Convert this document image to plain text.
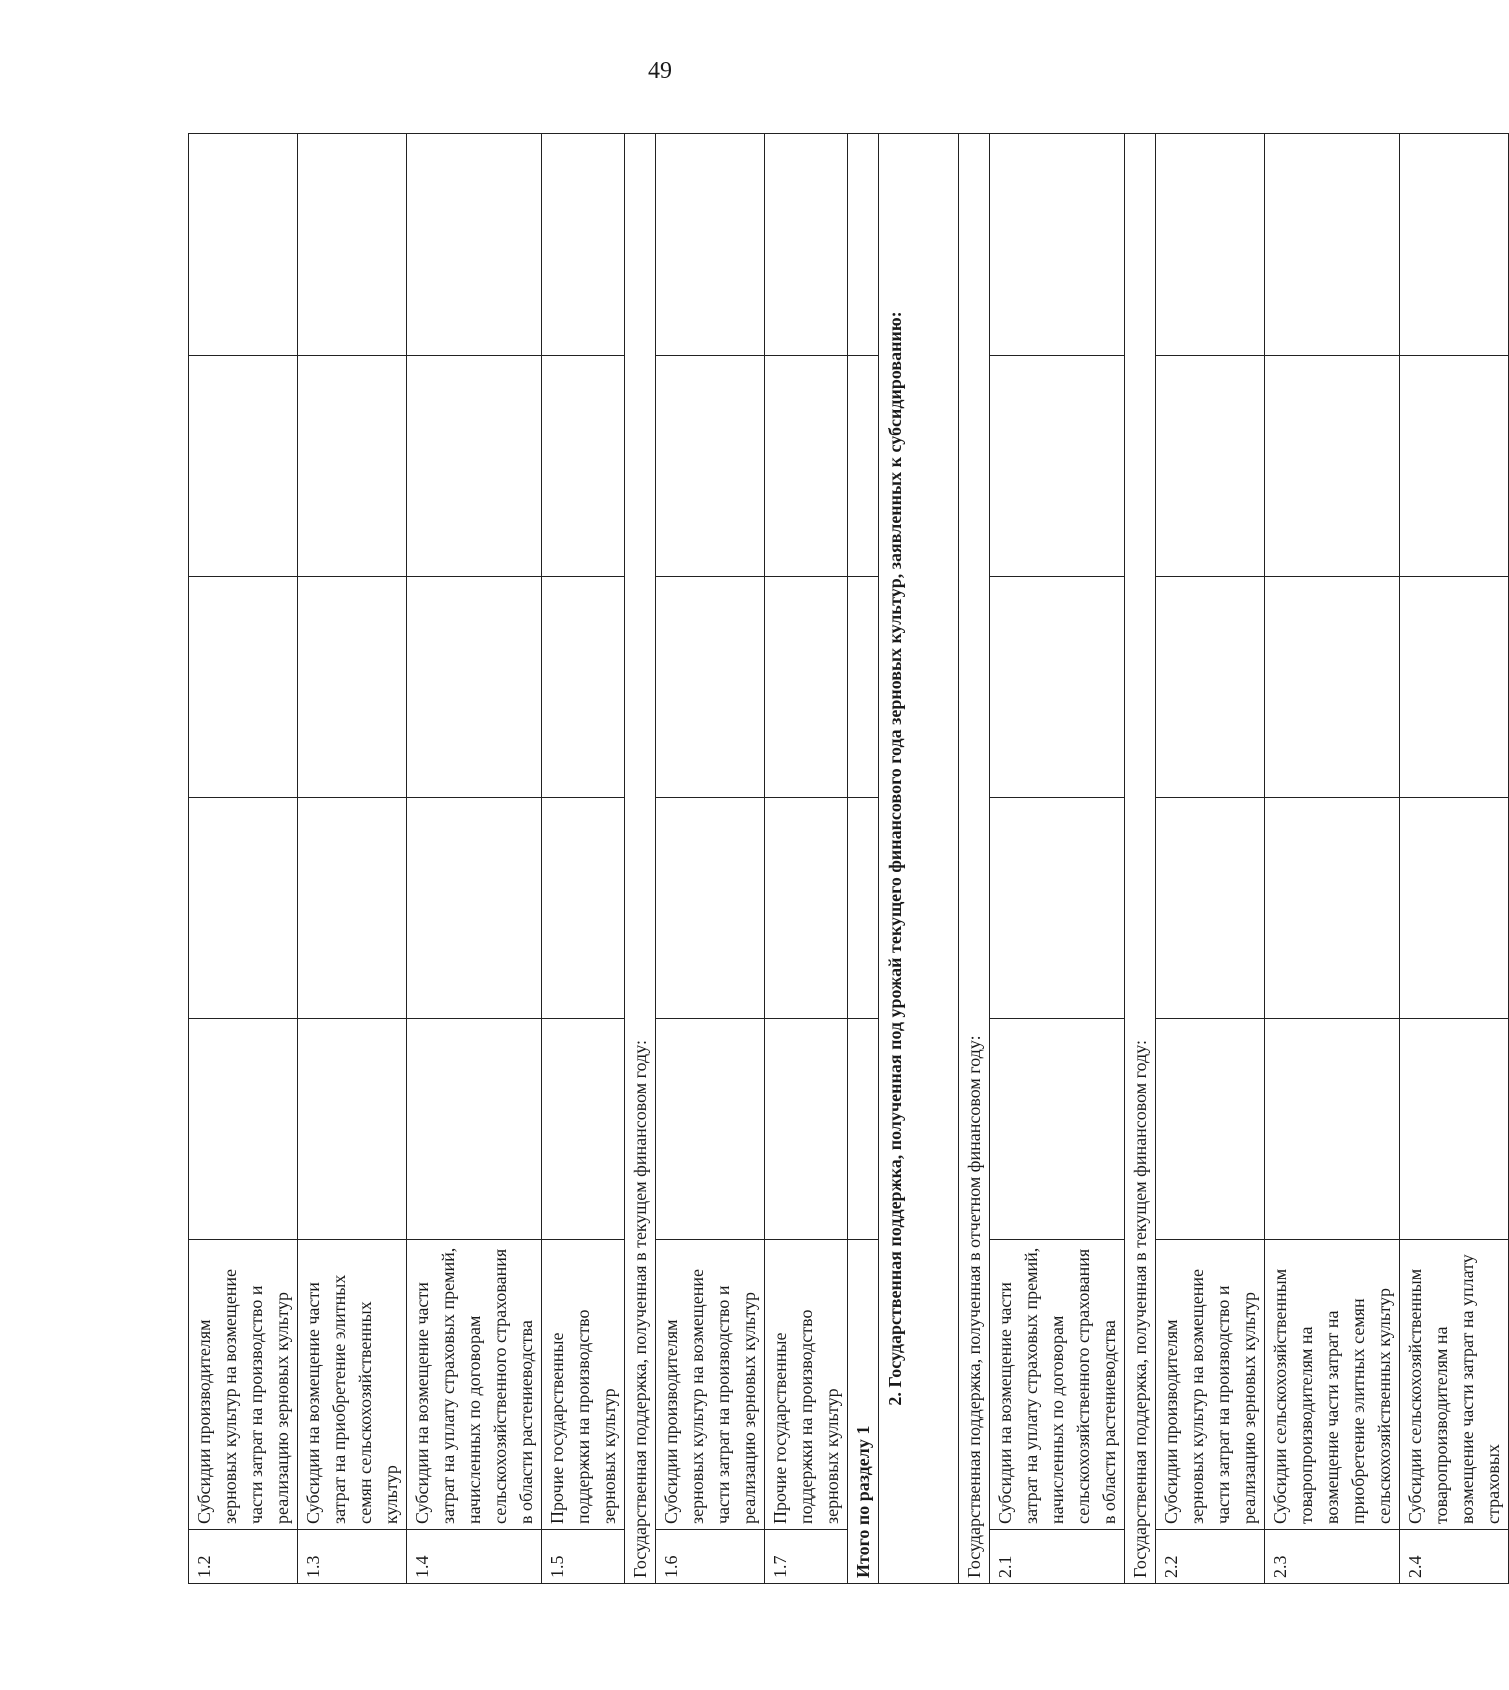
49
1.2	Субсидии производителям зерновых культур на возмещение части затрат на производство и реализацию зерновых культур					
1.3	Субсидии на возмещение части затрат на приобретение элитных семян сельскохозяйственных культур					
1.4	Субсидии на возмещение части затрат на уплату страховых премий, начисленных по договорам сельскохозяйственного страхования в области растениеводства					
1.5	Прочие государственные поддержки на производство зерновых культур					
Государственная поддержка, полученная в текущем финансовом году:						
1.6	Субсидии производителям зерновых культур на возмещение части затрат на производство и реализацию зерновых культур					
1.7	Прочие государственные поддержки на производство зерновых культур					
Итого по разделу 1						
2. Государственная поддержка, полученная под урожай текущего финансового года зерновых культур, заявленных к субсидированию:						
Государственная поддержка, полученная в отчетном финансовом году:						
2.1	Субсидии на возмещение части затрат на уплату страховых премий, начисленных по договорам сельскохозяйственного страхования в области растениеводства					
Государственная поддержка, полученная в текущем финансовом году:						
2.2	Субсидии производителям зерновых культур на возмещение части затрат на производство и реализацию зерновых культур					
2.3	Субсидии сельскохозяйственным товаропроизводителям на возмещение части затрат на приобретение элитных семян сельскохозяйственных культур					
2.4	Субсидии сельскохозяйственным товаропроизводителям на возмещение части затрат на уплату страховых					
